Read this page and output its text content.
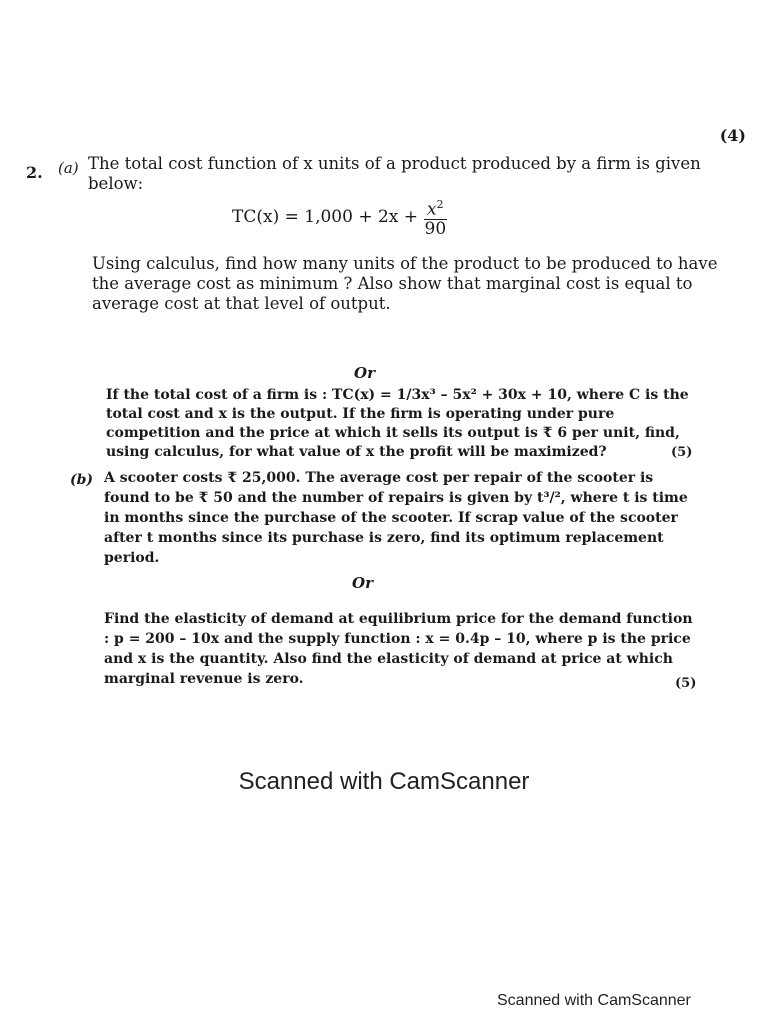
(4)
2. (a) The total cost function of x units of a product produced by a firm is given below:
$TC(x) = 1,000 + 2x + \frac{x^2}{90}$
Using calculus, find how many units of the product to be produced to have the average cost as minimum ? Also show that marginal cost is equal to average cost at that level of output.
Or
If the total cost of a firm is : TC(x) = 1/3x³ – 5x² + 30x + 10, where C is the total cost and x is the output. If the firm is operating under pure competition and the price at which it sells its output is ₹ 6 per unit, find, using calculus, for what value of x the profit will be maximized?	(5)
(b) A scooter costs ₹ 25,000. The average cost per repair of the scooter is found to be ₹ 50 and the number of repairs is given by t³/², where t is time in months since the purchase of the scooter. If scrap value of the scooter after t months since its purchase is zero, find its optimum replacement period.
Or
Find the elasticity of demand at equilibrium price for the demand function : p = 200 – 10x and the supply function : x = 0.4p – 10, where p is the price and x is the quantity. Also find the elasticity of demand at price at which marginal revenue is zero.	(5)
Scanned with CamScanner
Scanned with CamScanner
